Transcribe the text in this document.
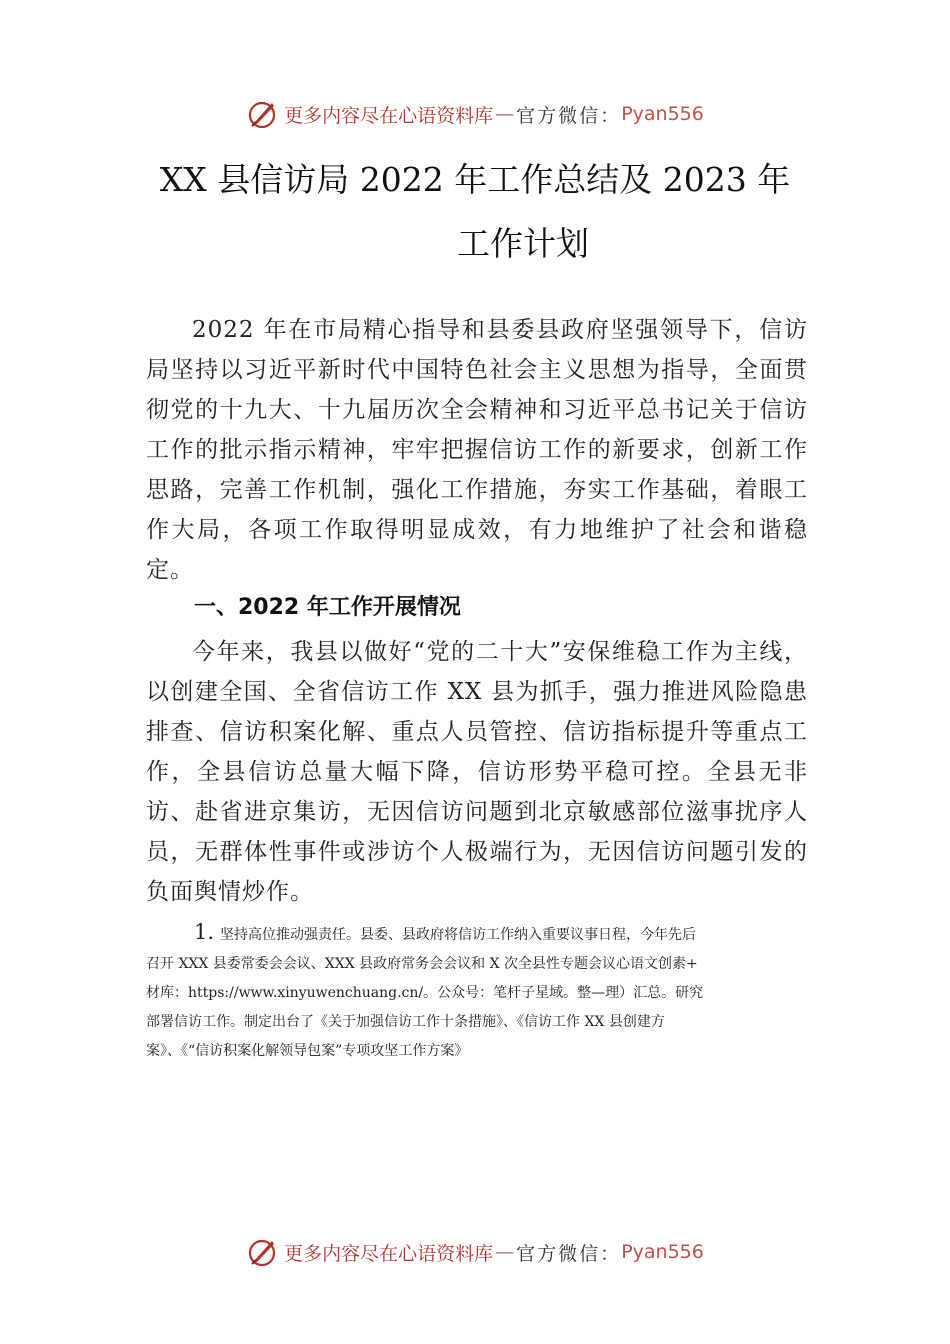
更多内容尽在心语资料库 — 官方微信： Pyan556
XX 县信访局 2022 年工作总结及 2023 年
工作计划

2022 年在市局精心指导和县委县政府坚强领导下，信访局坚持以习近平新时代中国特色社会主义思想为指导，全面贯彻党的十九大、十九届历次全会精神和习近平总书记关于信访工作的批示指示精神，牢牢把握信访工作的新要求，创新工作思路，完善工作机制，强化工作措施，夯实工作基础，着眼工作大局，各项工作取得明显成效，有力地维护了社会和谐稳定。

一、2022 年工作开展情况

今年来，我县以做好“党的二十大”安保维稳工作为主线，以创建全国、全省信访工作 XX 县为抓手，强力推进风险隐患排查、信访积案化解、重点人员管控、信访指标提升等重点工作，全县信访总量大幅下降，信访形势平稳可控。全县无非访、赴省进京集访，无因信访问题到北京敏感部位滋事扰序人员，无群体性事件或涉访个人极端行为，无因信访问题引发的负面舆情炒作。

1. 坚持高位推动强责任。县委、县政府将信访工作纳入重要议事日程，今年先后
召开 XXX 县委常委会会议、XXX 县政府常务会会议和 X 次全县性专题会议心语文创素+
材库：https://www.xinyuwenchuang.cn/。公众号：笔杆子星域。整—理）汇总。研究
部署信访工作。制定出台了《关于加强信访工作十条措施》、《信访工作 XX 县创建方
案》、《“信访积案化解领导包案”专项攻坚工作方案》
更多内容尽在心语资料库 — 官方微信： Pyan556
